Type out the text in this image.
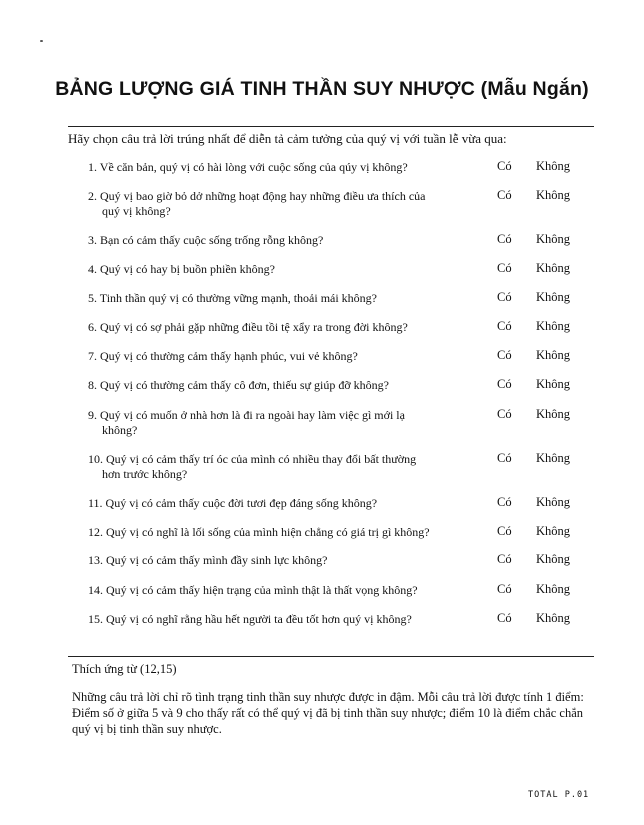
BẢNG LƯỢNG GIÁ TINH THẦN SUY NHƯỢC (Mẫu Ngắn)
Hãy chọn câu trả lời trúng nhất để diễn tả cảm tưởng của quý vị với tuần lễ vừa qua:
1. Về căn bản, quý vị có hài lòng với cuộc sống của qúy vị không?	Có Không
2. Quý vị bao giờ bỏ dở những hoạt động hay những điều ưa thích của
quý vị không?
Có Không
3. Bạn có cảm thấy cuộc sống trống rỗng không?	Có Không
4. Quý vị có hay bị buồn phiền không?	Có Không
5. Tinh thần quý vị có thường vững mạnh, thoải mái không?	Có Không
6. Quý vị có sợ phải gặp những điều tồi tệ xẩy ra trong đời không?	Có Không
7. Quý vị có thường cảm thấy hạnh phúc, vui vẻ không?	Có Không
8. Quý vị có thường cảm thấy cô đơn, thiếu sự giúp đỡ không?	Có Không
9. Quý vị có muốn ở nhà hơn là đi ra ngoài hay làm việc gì mới lạ
không?
Có Không
10. Quý vị có cảm thấy trí óc của mình có nhiều thay đổi bất thường
hơn trước không?
Có Không
11. Quý vị có cảm thấy cuộc đời tươi đẹp đáng sống không?	Có Không
12. Quý vị có nghĩ là lối sống của mình hiện chẳng có giá trị gì không?	Có Không
13. Quý vị có cảm thấy mình đầy sinh lực không?	Có Không
14. Quý vị có cảm thấy hiện trạng của mình thật là thất vọng không?	Có Không
15. Quý vị có nghĩ rằng hầu hết người ta đều tốt hơn quý vị không?	Có Không
Thích ứng từ (12,15)
Những câu trả lời chỉ rõ tình trạng tinh thần suy nhược được in đậm. Mỗi câu trả lời được tính 1 điểm: Điểm số ở giữa 5 và 9 cho thấy rất có thể quý vị đã bị tinh thần suy nhược; điểm 10 là điểm chắc chắn quý vị bị tinh thần suy nhược.
TOTAL P.01
